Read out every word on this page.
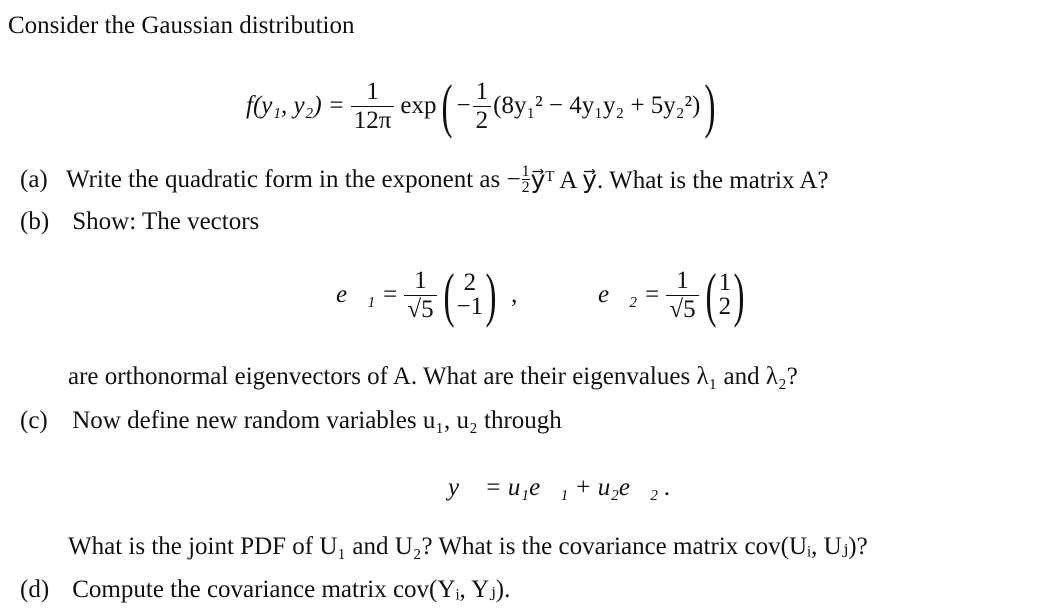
Consider the Gaussian distribution
f(y₁, $y_2) = \frac{1}{12\pi}$ exp ( − $\frac{1}{2} (8y_1^2 - 4y_1y_2 + 5y_2^2)$ )
(a) Write the quadratic form in the exponent as − $\frac{1}{2}$ y⃗ᵀ A y⃗. What is the matrix A?
(b) Show: The vectors
e⃗₁ = $\frac{1}{√5}$ ( 2
−1 ) ,	e⃗₂ = $\frac{1}{√5}$ ( 1
2 )
are orthonormal eigenvectors of A. What are their eigenvalues λ₁ and λ₂?
(c) Now define new random variables u₁, u₂ through
y⃗ = u₁e⃗₁ + u₂e⃗₂ .
What is the joint PDF of U₁ and U₂? What is the covariance matrix cov(Uᵢ, Uⱼ)?
(d) Compute the covariance matrix cov(Yᵢ, Yⱼ).
